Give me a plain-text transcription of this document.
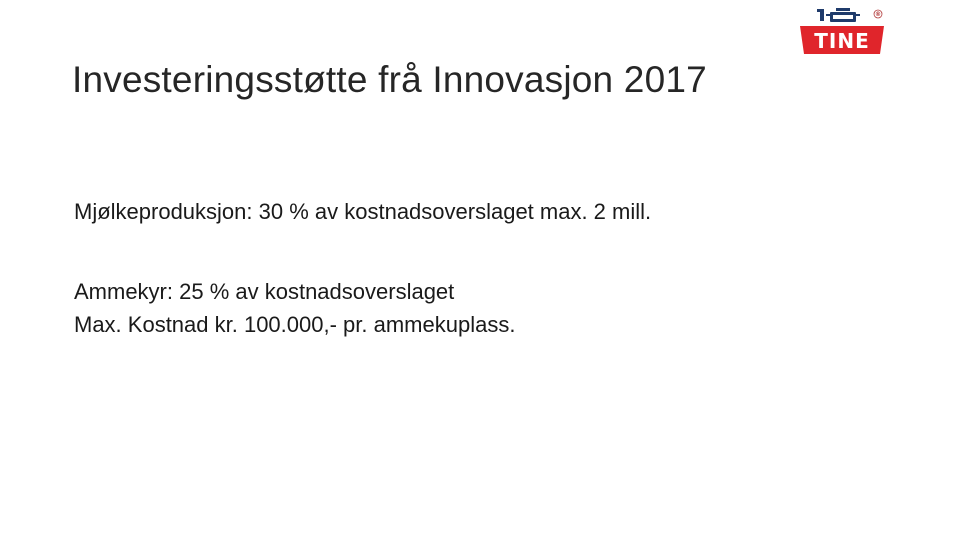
Investeringsstøtte frå Innovasjon 2017
Mjølkeproduksjon: 30 % av kostnadsoverslaget max. 2 mill.
Ammekyr: 25 % av kostnadsoverslaget
Max. Kostnad kr. 100.000,- pr. ammekuplass.
®
TINE
